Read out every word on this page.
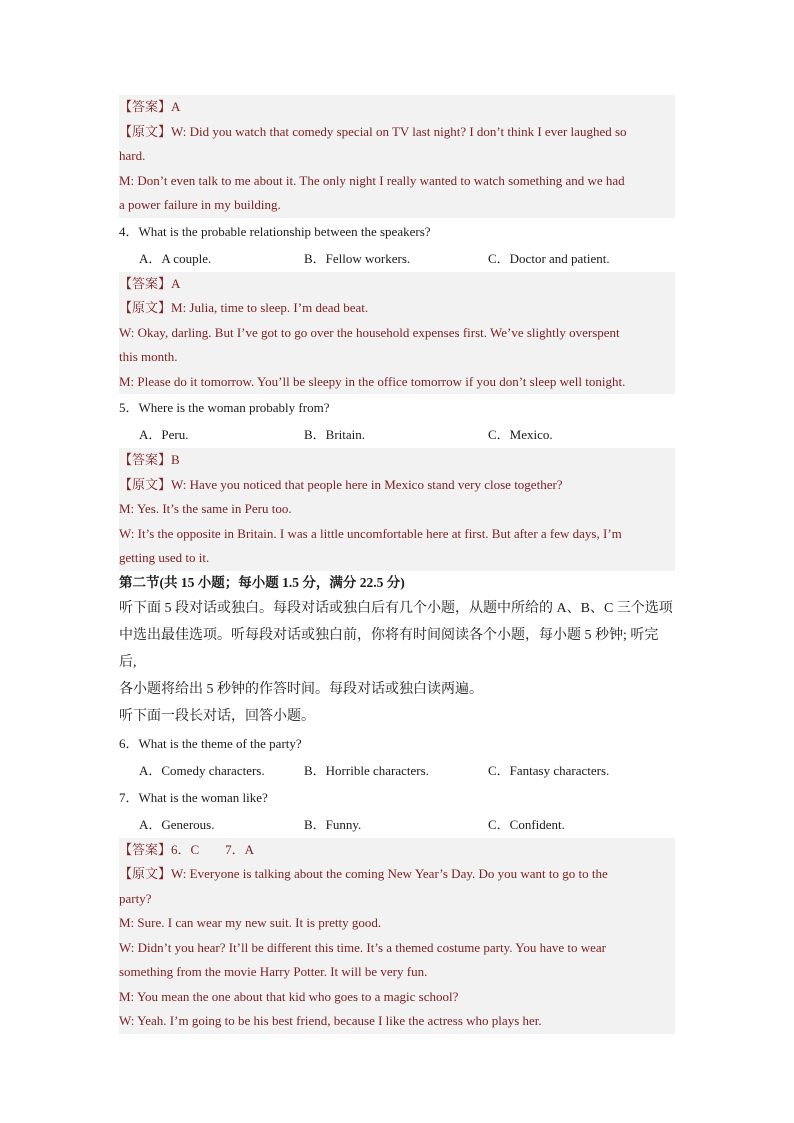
【答案】A
【原文】W: Did you watch that comedy special on TV last night? I don’t think I ever laughed so
hard.
M: Don’t even talk to me about it. The only night I really wanted to watch something and we had
a power failure in my building.
4．What is the probable relationship between the speakers?
A．A couple.	B．Fellow workers.	C．Doctor and patient.
【答案】A
【原文】M: Julia, time to sleep. I’m dead beat.
W: Okay, darling. But I’ve got to go over the household expenses first. We’ve slightly overspent
this month.
M: Please do it tomorrow. You’ll be sleepy in the office tomorrow if you don’t sleep well tonight.
5．Where is the woman probably from?
A．Peru.	B．Britain.	C．Mexico.
【答案】B
【原文】W: Have you noticed that people here in Mexico stand very close together?
M: Yes. It’s the same in Peru too.
W: It’s the opposite in Britain. I was a little uncomfortable here at first. But after a few days, I’m
getting used to it.
第二节(共 15 小题；每小题 1.5 分，满分 22.5 分)
听下面 5 段对话或独白。每段对话或独白后有几个小题，从题中所给的 A、B、C 三个选项
中选出最佳选项。听每段对话或独白前，你将有时间阅读各个小题，每小题 5 秒钟; 听完后,
各小题将给出 5 秒钟的作答时间。每段对话或独白读两遍。
听下面一段长对话，回答小题。
6．What is the theme of the party?
A．Comedy characters.	B．Horrible characters.	C．Fantasy characters.
7．What is the woman like?
A．Generous.	B．Funny.	C．Confident.
【答案】6．C　　7．A
【原文】W: Everyone is talking about the coming New Year’s Day. Do you want to go to the
party?
M: Sure. I can wear my new suit. It is pretty good.
W: Didn’t you hear? It’ll be different this time. It’s a themed costume party. You have to wear
something from the movie Harry Potter. It will be very fun.
M: You mean the one about that kid who goes to a magic school?
W: Yeah. I’m going to be his best friend, because I like the actress who plays her.
